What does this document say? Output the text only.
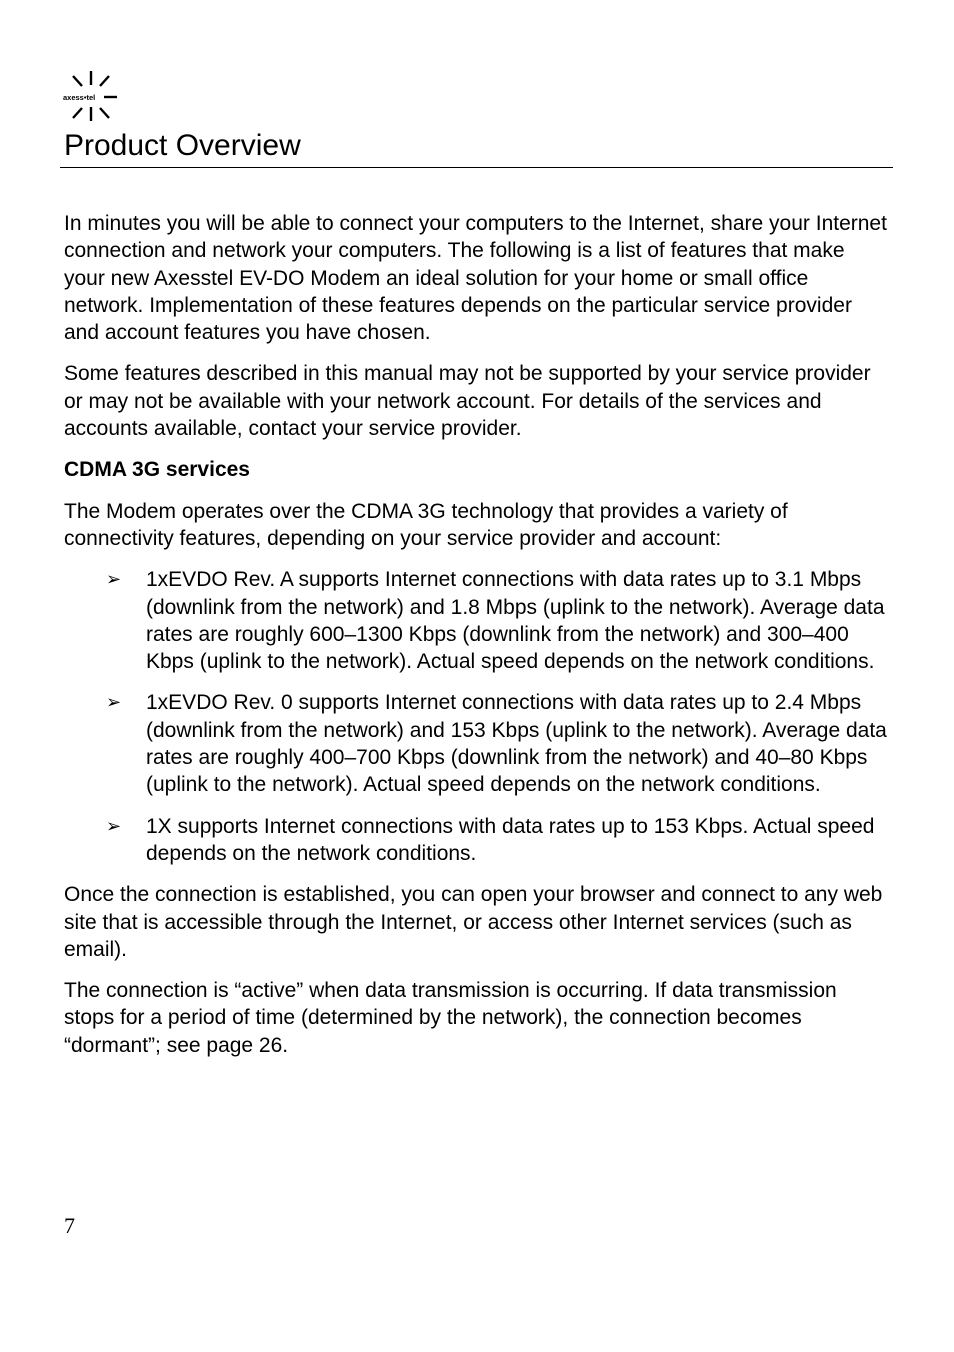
axess•tel
Product Overview

In minutes you will be able to connect your computers to the Internet, share your Internet connection and network your computers. The following is a list of features that make your new Axesstel EV-DO Modem an ideal solution for your home or small office network. Implementation of these features depends on the particular service provider and account features you have chosen.

Some features described in this manual may not be supported by your service provider or may not be available with your network account. For details of the services and accounts available, contact your service provider.

CDMA 3G services

The Modem operates over the CDMA 3G technology that provides a variety of connectivity features, depending on your service provider and account:

➢ 1xEVDO Rev. A supports Internet connections with data rates up to 3.1 Mbps (downlink from the network) and 1.8 Mbps (uplink to the network). Average data rates are roughly 600–1300 Kbps (downlink from the network) and 300–400 Kbps (uplink to the network). Actual speed depends on the network conditions.
➢ 1xEVDO Rev. 0 supports Internet connections with data rates up to 2.4 Mbps (downlink from the network) and 153 Kbps (uplink to the network). Average data rates are roughly 400–700 Kbps (downlink from the network) and 40–80 Kbps (uplink to the network). Actual speed depends on the network conditions.
➢ 1X supports Internet connections with data rates up to 153 Kbps. Actual speed depends on the network conditions.

Once the connection is established, you can open your browser and connect to any web site that is accessible through the Internet, or access other Internet services (such as email).

The connection is “active” when data transmission is occurring. If data transmission stops for a period of time (determined by the network), the connection becomes “dormant”; see page 26.

7
